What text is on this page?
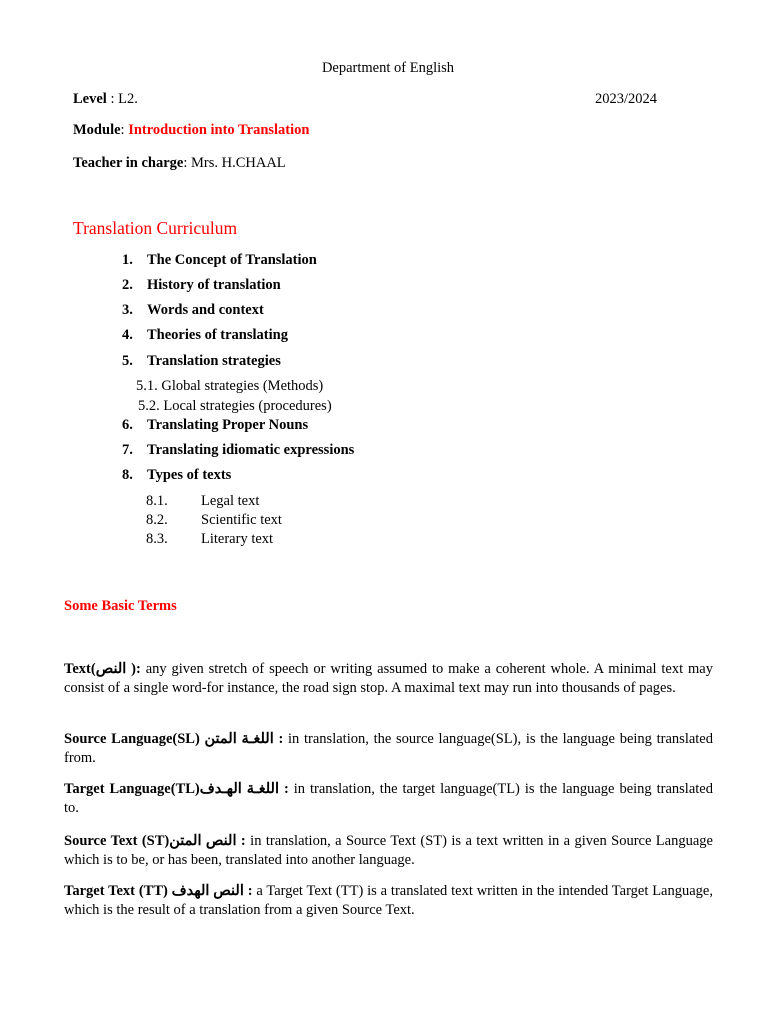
Department of English
Level : L2.	2023/2024
Module: Introduction into Translation
Teacher in charge: Mrs. H.CHAAL
Translation Curriculum
1. The Concept of Translation
2. History of translation
3. Words and context
4. Theories of translating
5. Translation strategies
5.1. Global strategies (Methods)
5.2. Local strategies (procedures)
6. Translating Proper Nouns
7. Translating idiomatic expressions
8. Types of texts
8.1. Legal text
8.2. Scientific text
8.3. Literary text
Some Basic Terms
Text(النص ): any given stretch of speech or writing assumed to make a coherent whole. A minimal text may consist of a single word-for instance, the road sign stop. A maximal text may run into thousands of pages.
Source Language(SL) اللغـة المتن : in translation, the source language(SL), is the language being translated from.
Target Language(TL)اللغـة الهـدف : in translation, the target language(TL) is the language being translated to.
Source Text (ST)النص المتن : in translation, a Source Text (ST) is a text written in a given Source Language which is to be, or has been, translated into another language.
Target Text (TT) النص الهدف : a Target Text (TT) is a translated text written in the intended Target Language, which is the result of a translation from a given Source Text.
